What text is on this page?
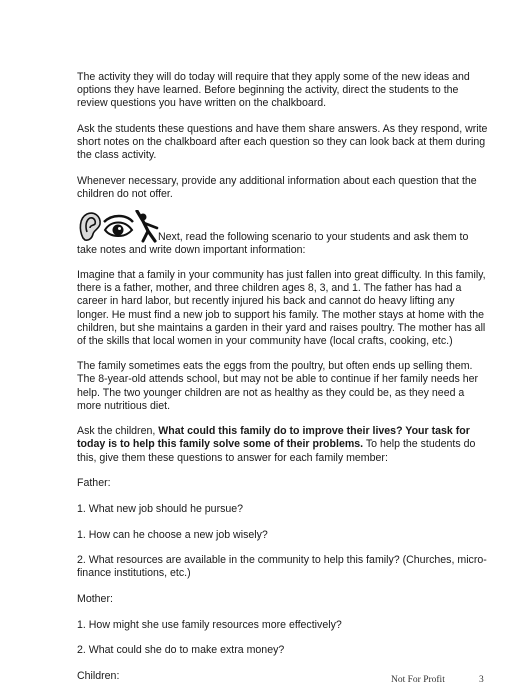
The activity they will do today will require that they apply some of the new ideas and options they have learned. Before beginning the activity, direct the students to the review questions you have written on the chalkboard.

Ask the students these questions and have them share answers. As they respond, write short notes on the chalkboard after each question so they can look back at them during the class activity.

Whenever necessary, provide any additional information about each question that the children do not offer.

Next, read the following scenario to your students and ask them to take notes and write down important information:

Imagine that a family in your community has just fallen into great difficulty. In this family, there is a father, mother, and three children ages 8, 3, and 1. The father has had a career in hard labor, but recently injured his back and cannot do heavy lifting any longer. He must find a new job to support his family. The mother stays at home with the children, but she maintains a garden in their yard and raises poultry. The mother has all of the skills that local women in your community have (local crafts, cooking, etc.)

The family sometimes eats the eggs from the poultry, but often ends up selling them. The 8-year-old attends school, but may not be able to continue if her family needs her help. The two younger children are not as healthy as they could be, as they need a more nutritious diet.

Ask the children, What could this family do to improve their lives? Your task for today is to help this family solve some of their problems. To help the students do this, give them these questions to answer for each family member:

Father:

1. What new job should he pursue?

1. How can he choose a new job wisely?

2. What resources are available in the community to help this family? (Churches, micro-finance institutions, etc.)

Mother:

1. How might she use family resources more effectively?

2. What could she do to make extra money?

Children:	Not For Profit	3
